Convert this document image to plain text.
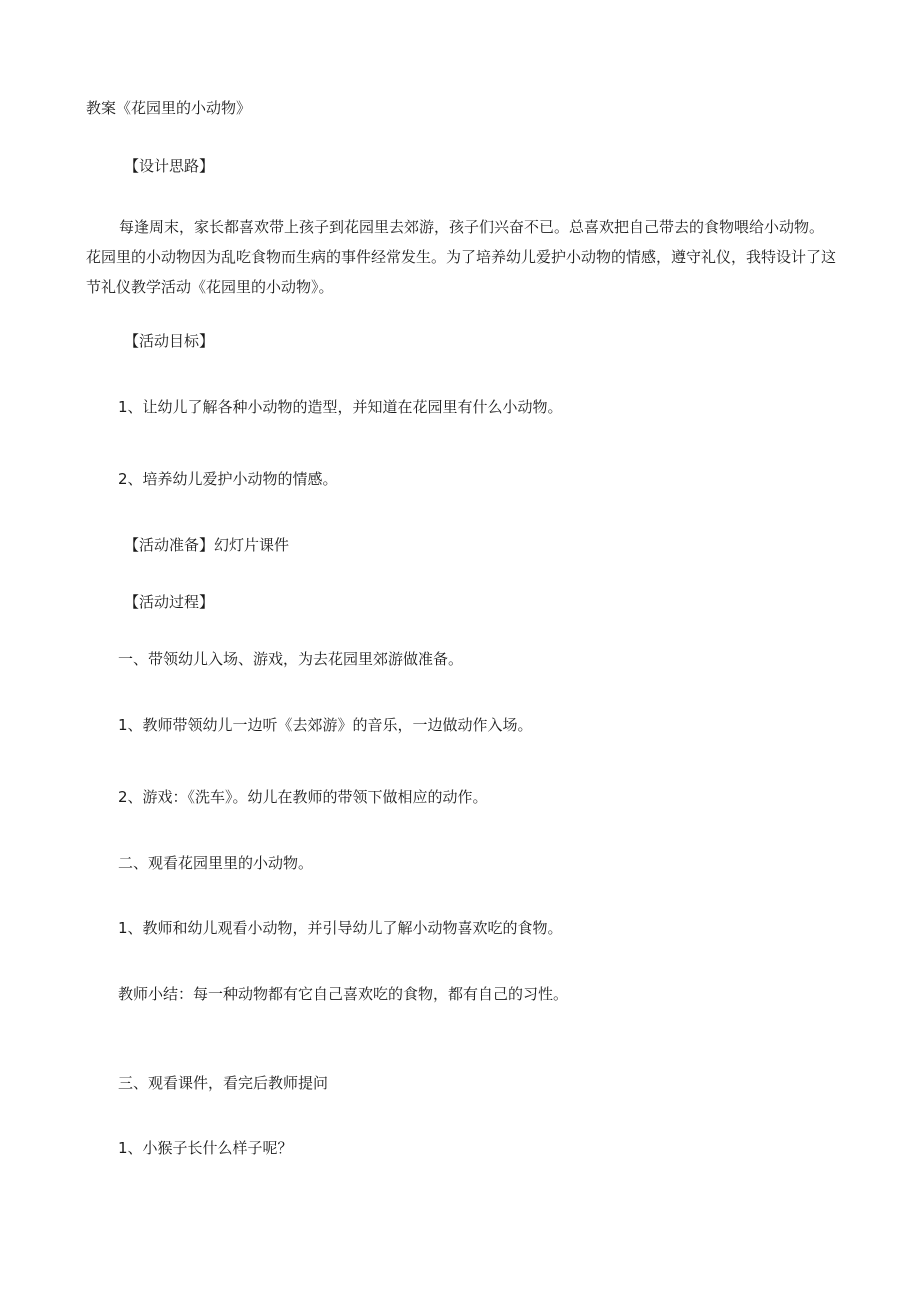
教案《花园里的小动物》
【设计思路】
每逢周末，家长都喜欢带上孩子到花园里去郊游，孩子们兴奋不已。总喜欢把自己带去的食物喂给小动物。花园里的小动物因为乱吃食物而生病的事件经常发生。为了培养幼儿爱护小动物的情感，遵守礼仪，我特设计了这节礼仪教学活动《花园里的小动物》。
【活动目标】
1、让幼儿了解各种小动物的造型，并知道在花园里有什么小动物。
2、培养幼儿爱护小动物的情感。
【活动准备】幻灯片课件
【活动过程】
一、带领幼儿入场、游戏，为去花园里郊游做准备。
1、教师带领幼儿一边听《去郊游》的音乐，一边做动作入场。
2、游戏：《洗车》。幼儿在教师的带领下做相应的动作。
二、观看花园里里的小动物。
1、教师和幼儿观看小动物，并引导幼儿了解小动物喜欢吃的食物。
教师小结：每一种动物都有它自己喜欢吃的食物，都有自己的习性。
三、观看课件，看完后教师提问
1、小猴子长什么样子呢？
